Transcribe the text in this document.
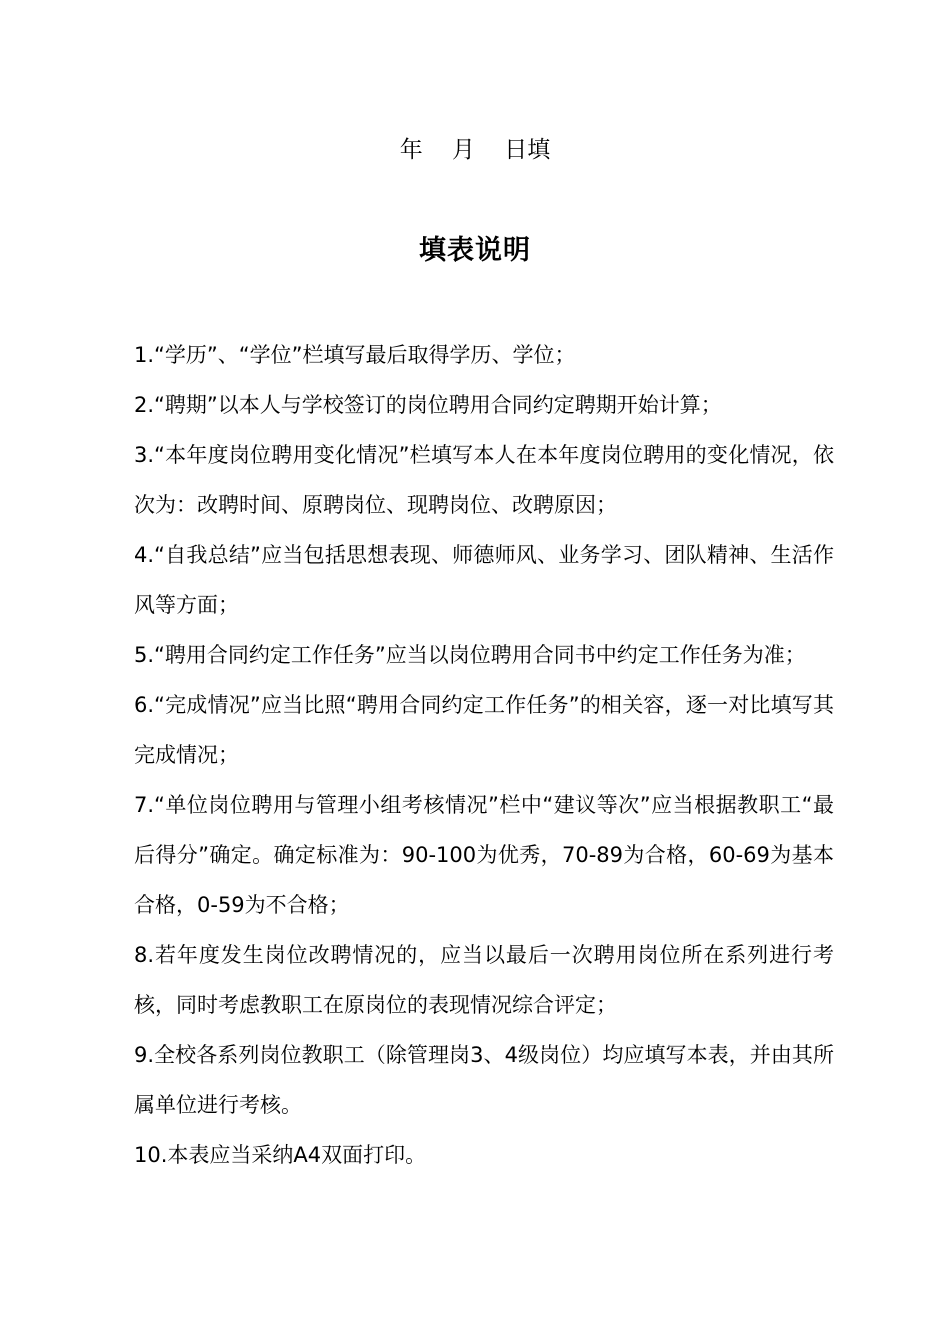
年    月    日填
填表说明
1.“学历”、“学位”栏填写最后取得学历、学位；
2.“聘期”以本人与学校签订的岗位聘用合同约定聘期开始计算；
3.“本年度岗位聘用变化情况”栏填写本人在本年度岗位聘用的变化情况，依次为：改聘时间、原聘岗位、现聘岗位、改聘原因；
4.“自我总结”应当包括思想表现、师德师风、业务学习、团队精神、生活作风等方面；
5.“聘用合同约定工作任务”应当以岗位聘用合同书中约定工作任务为准；
6.“完成情况”应当比照“聘用合同约定工作任务”的相关容，逐一对比填写其完成情况；
7.“单位岗位聘用与管理小组考核情况”栏中“建议等次”应当根据教职工“最后得分”确定。确定标准为：90-100为优秀，70-89为合格，60-69为基本合格，0-59为不合格；
8.若年度发生岗位改聘情况的，应当以最后一次聘用岗位所在系列进行考核，同时考虑教职工在原岗位的表现情况综合评定；
9.全校各系列岗位教职工（除管理岗3、4级岗位）均应填写本表，并由其所属单位进行考核。
10.本表应当采纳A4双面打印。
